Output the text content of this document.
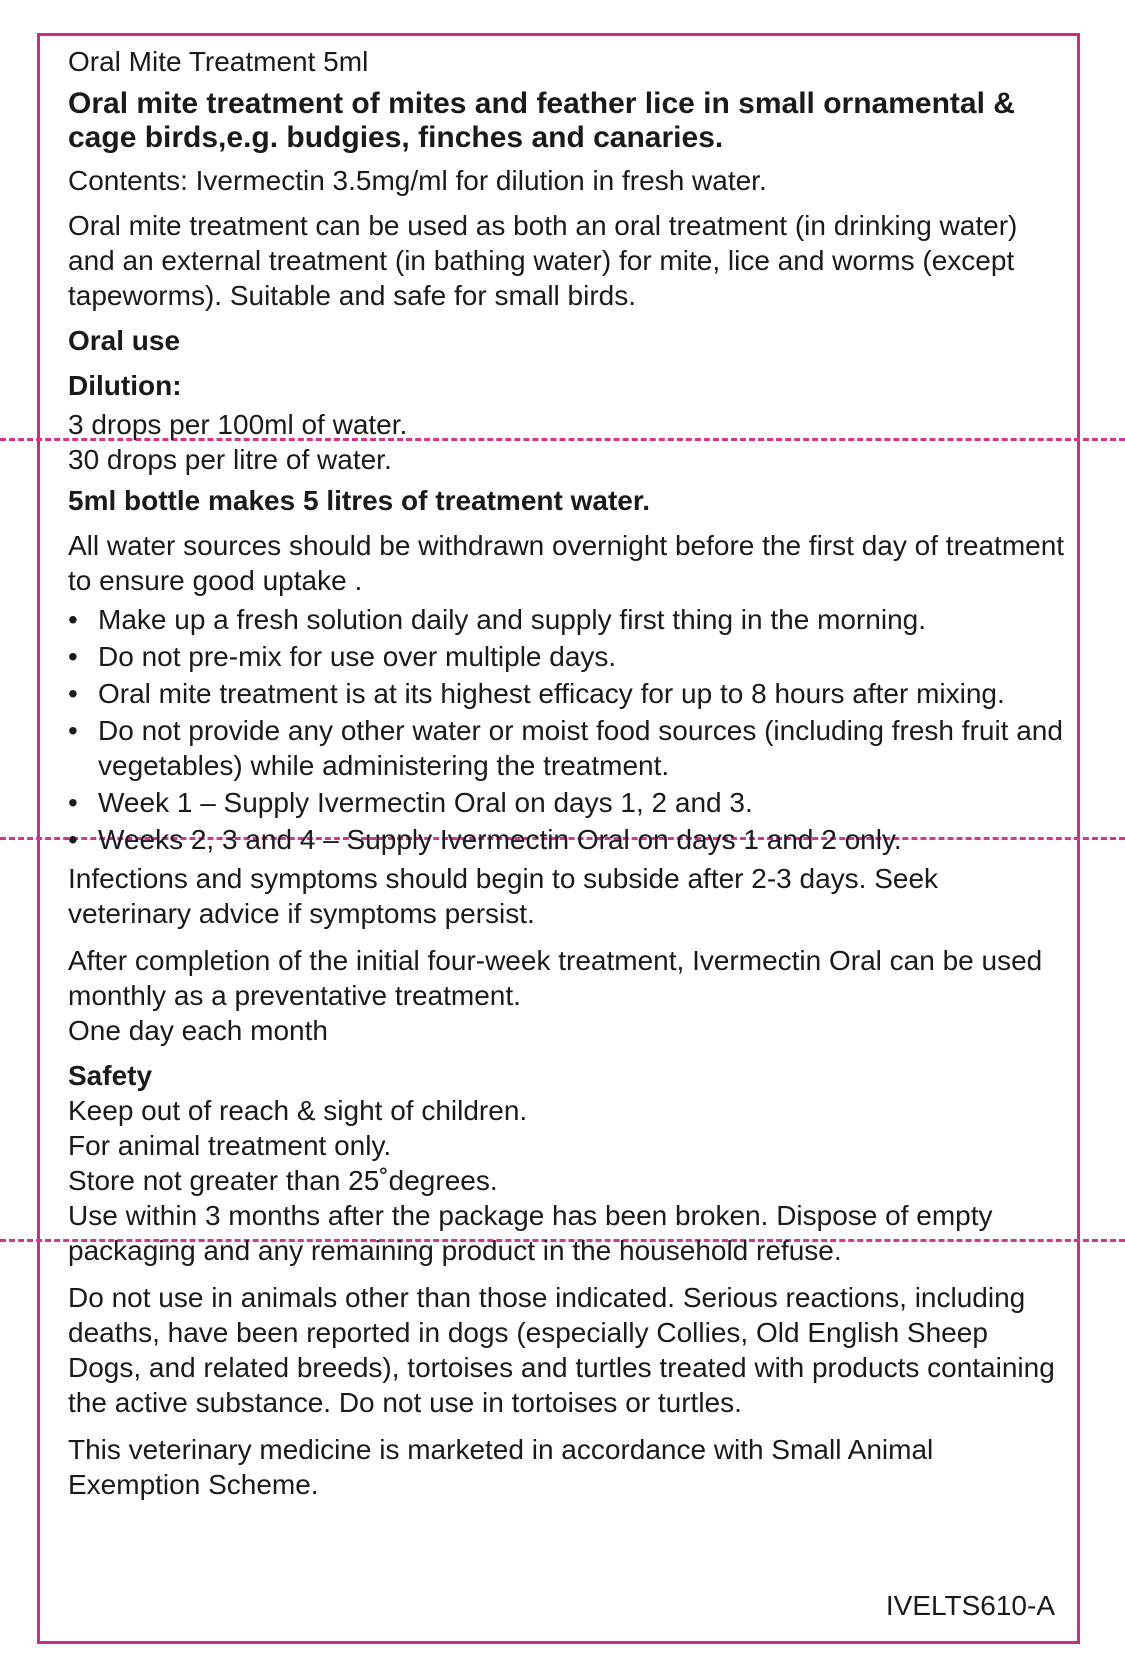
Oral Mite Treatment 5ml

Oral mite treatment of mites and feather lice in small ornamental & cage birds,e.g. budgies, finches and canaries.

Contents: Ivermectin 3.5mg/ml for dilution in fresh water.

Oral mite treatment can be used as both an oral treatment (in drinking water) and an external treatment (in bathing water) for mite, lice and worms (except tapeworms). Suitable and safe for small birds.

Oral use

Dilution:

3 drops per 100ml of water.

30 drops per litre of water.

5ml bottle makes 5 litres of treatment water.

All water sources should be withdrawn overnight before the first day of treatment to ensure good uptake .

• Make up a fresh solution daily and supply first thing in the morning.
• Do not pre-mix for use over multiple days.
• Oral mite treatment is at its highest efficacy for up to 8 hours after mixing.
• Do not provide any other water or moist food sources (including fresh fruit and vegetables) while administering the treatment.
• Week 1 – Supply Ivermectin Oral on days 1, 2 and 3.
• Weeks 2, 3 and 4 – Supply Ivermectin Oral on days 1 and 2 only.

Infections and symptoms should begin to subside after 2-3 days. Seek veterinary advice if symptoms persist.

After completion of the initial four-week treatment, Ivermectin Oral can be used monthly as a preventative treatment.

One day each month

Safety

Keep out of reach & sight of children.

For animal treatment only.

Store not greater than 25˚degrees.

Use within 3 months after the package has been broken. Dispose of empty packaging and any remaining product in the household refuse.

Do not use in animals other than those indicated. Serious reactions, including deaths, have been reported in dogs (especially Collies, Old English Sheep Dogs, and related breeds), tortoises and turtles treated with products containing the active substance. Do not use in tortoises or turtles.

This veterinary medicine is marketed in accordance with Small Animal Exemption Scheme.

IVELTS610-A
